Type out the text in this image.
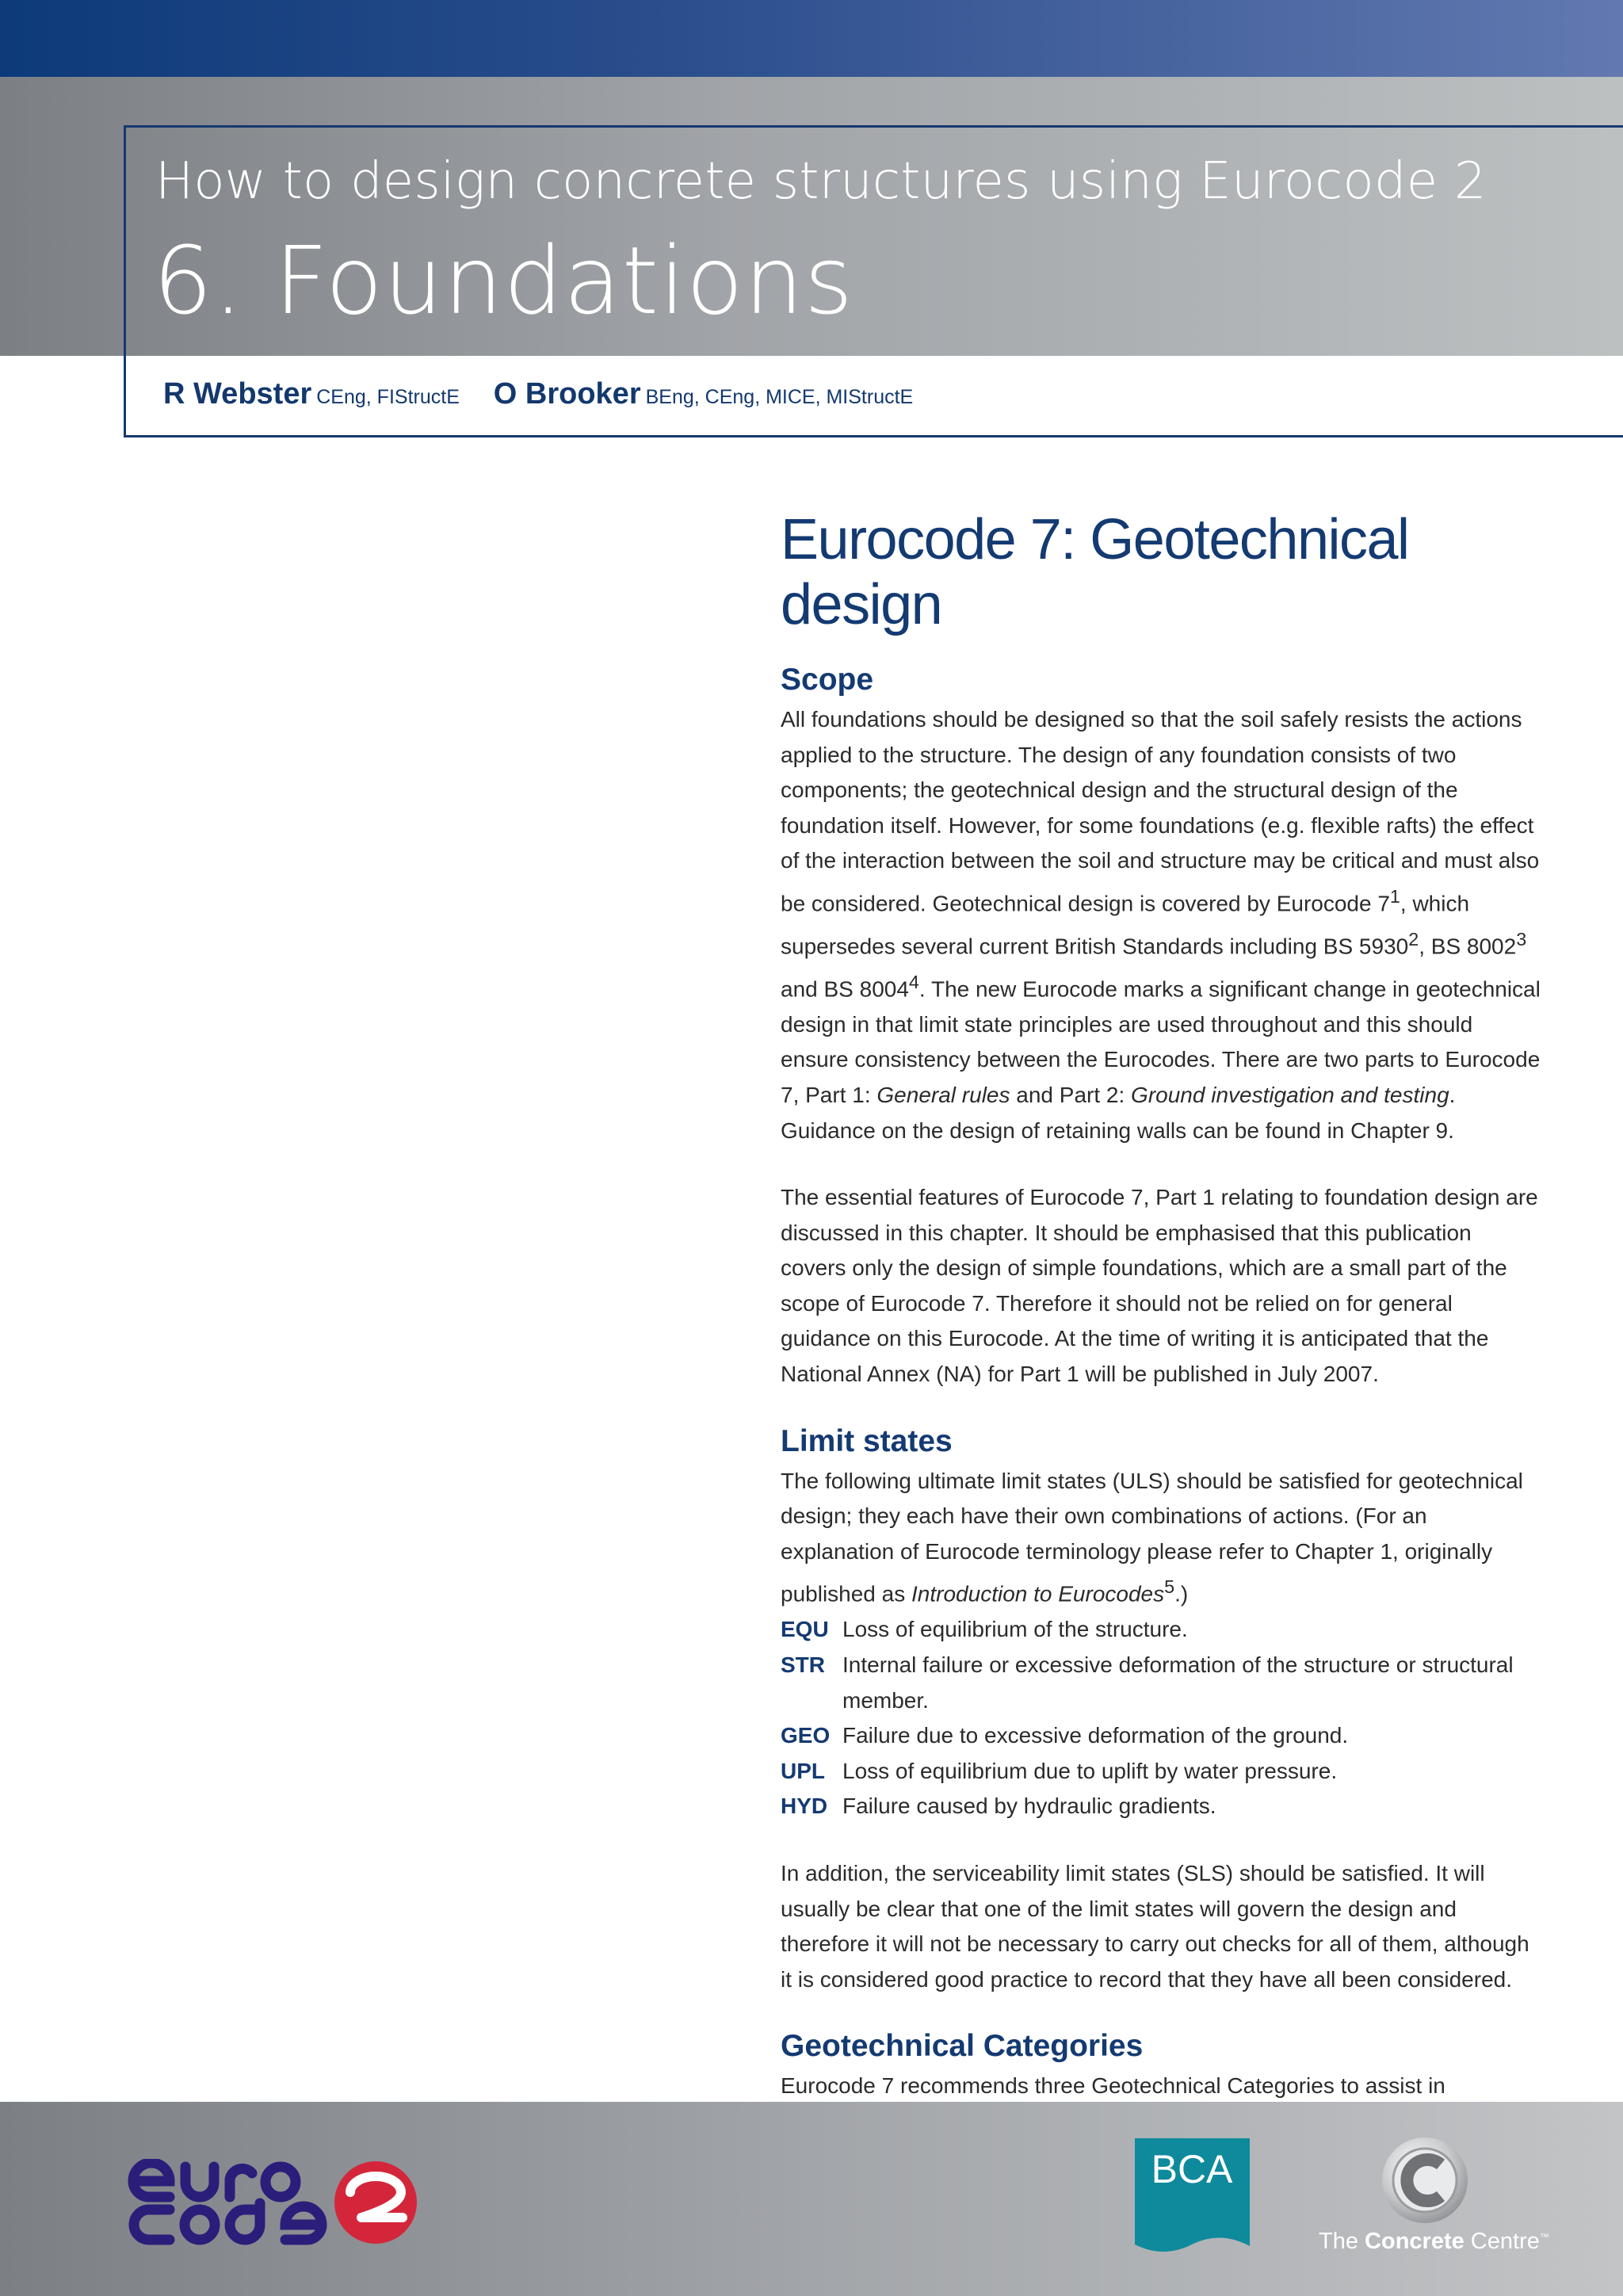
How to design concrete structures using Eurocode 2
6. Foundations
R Webster CEng, FIStructE O Brooker BEng, CEng, MICE, MIStructE
Eurocode 7: Geotechnical design
Scope

All foundations should be designed so that the soil safely resists the actions applied to the structure. The design of any foundation consists of two components; the geotechnical design and the structural design of the foundation itself. However, for some foundations (e.g. flexible rafts) the effect of the interaction between the soil and structure may be critical and must also be considered. Geotechnical design is covered by Eurocode $7^1$, which supersedes several current British Standards including BS 5930$^2$, BS 8002$^3$ and BS 8004$^4$. The new Eurocode marks a significant change in geotechnical design in that limit state principles are used throughout and this should ensure consistency between the Eurocodes. There are two parts to Eurocode 7, Part 1: General rules and Part 2: Ground investigation and testing. Guidance on the design of retaining walls can be found in Chapter 9.

The essential features of Eurocode 7, Part 1 relating to foundation design are discussed in this chapter. It should be emphasised that this publication covers only the design of simple foundations, which are a small part of the scope of Eurocode 7. Therefore it should not be relied on for general guidance on this Eurocode. At the time of writing it is anticipated that the National Annex (NA) for Part 1 will be published in July 2007.

Limit states

The following ultimate limit states (ULS) should be satisfied for geotechnical design; they each have their own combinations of actions. (For an explanation of Eurocode terminology please refer to Chapter 1, originally published as Introduction to Eurocodes$^5$.)

EQU Loss of equilibrium of the structure.
STR Internal failure or excessive deformation of the structure or structural member.
GEO Failure due to excessive deformation of the ground.
UPL Loss of equilibrium due to uplift by water pressure.
HYD Failure caused by hydraulic gradients.

In addition, the serviceability limit states (SLS) should be satisfied. It will usually be clear that one of the limit states will govern the design and therefore it will not be necessary to carry out checks for all of them, although it is considered good practice to record that they have all been considered.

Geotechnical Categories

Eurocode 7 recommends three Geotechnical Categories to assist in

BCA
The Concrete Centre™
